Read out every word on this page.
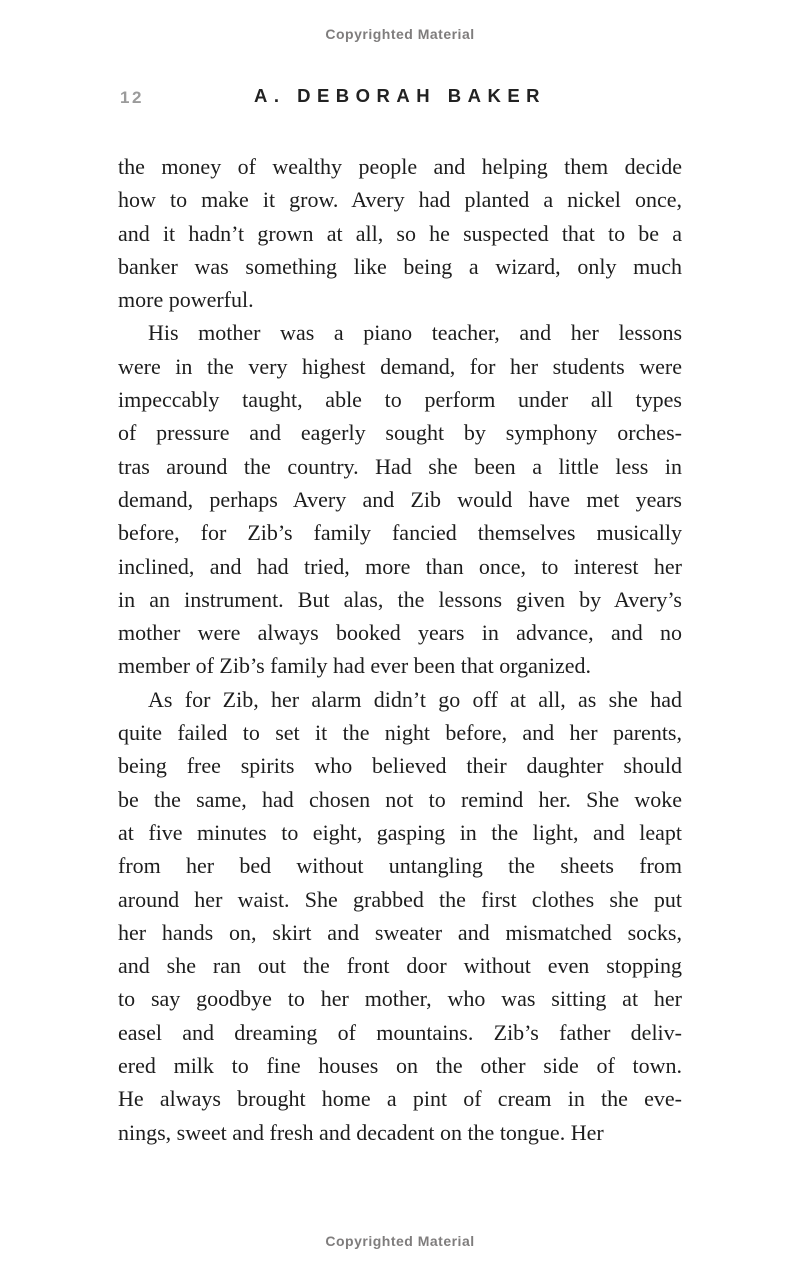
Copyrighted Material
12	A. DEBORAH BAKER
the money of wealthy people and helping them decide
how to make it grow. Avery had planted a nickel once,
and it hadn’t grown at all, so he suspected that to be a
banker was something like being a wizard, only much
more powerful.
His mother was a piano teacher, and her lessons
were in the very highest demand, for her students were
impeccably taught, able to perform under all types
of pressure and eagerly sought by symphony orches-
tras around the country. Had she been a little less in
demand, perhaps Avery and Zib would have met years
before, for Zib’s family fancied themselves musically
inclined, and had tried, more than once, to interest her
in an instrument. But alas, the lessons given by Avery’s
mother were always booked years in advance, and no
member of Zib’s family had ever been that organized.
As for Zib, her alarm didn’t go off at all, as she had
quite failed to set it the night before, and her parents,
being free spirits who believed their daughter should
be the same, had chosen not to remind her. She woke
at five minutes to eight, gasping in the light, and leapt
from her bed without untangling the sheets from
around her waist. She grabbed the first clothes she put
her hands on, skirt and sweater and mismatched socks,
and she ran out the front door without even stopping
to say goodbye to her mother, who was sitting at her
easel and dreaming of mountains. Zib’s father deliv-
ered milk to fine houses on the other side of town.
He always brought home a pint of cream in the eve-
nings, sweet and fresh and decadent on the tongue. Her
Copyrighted Material
